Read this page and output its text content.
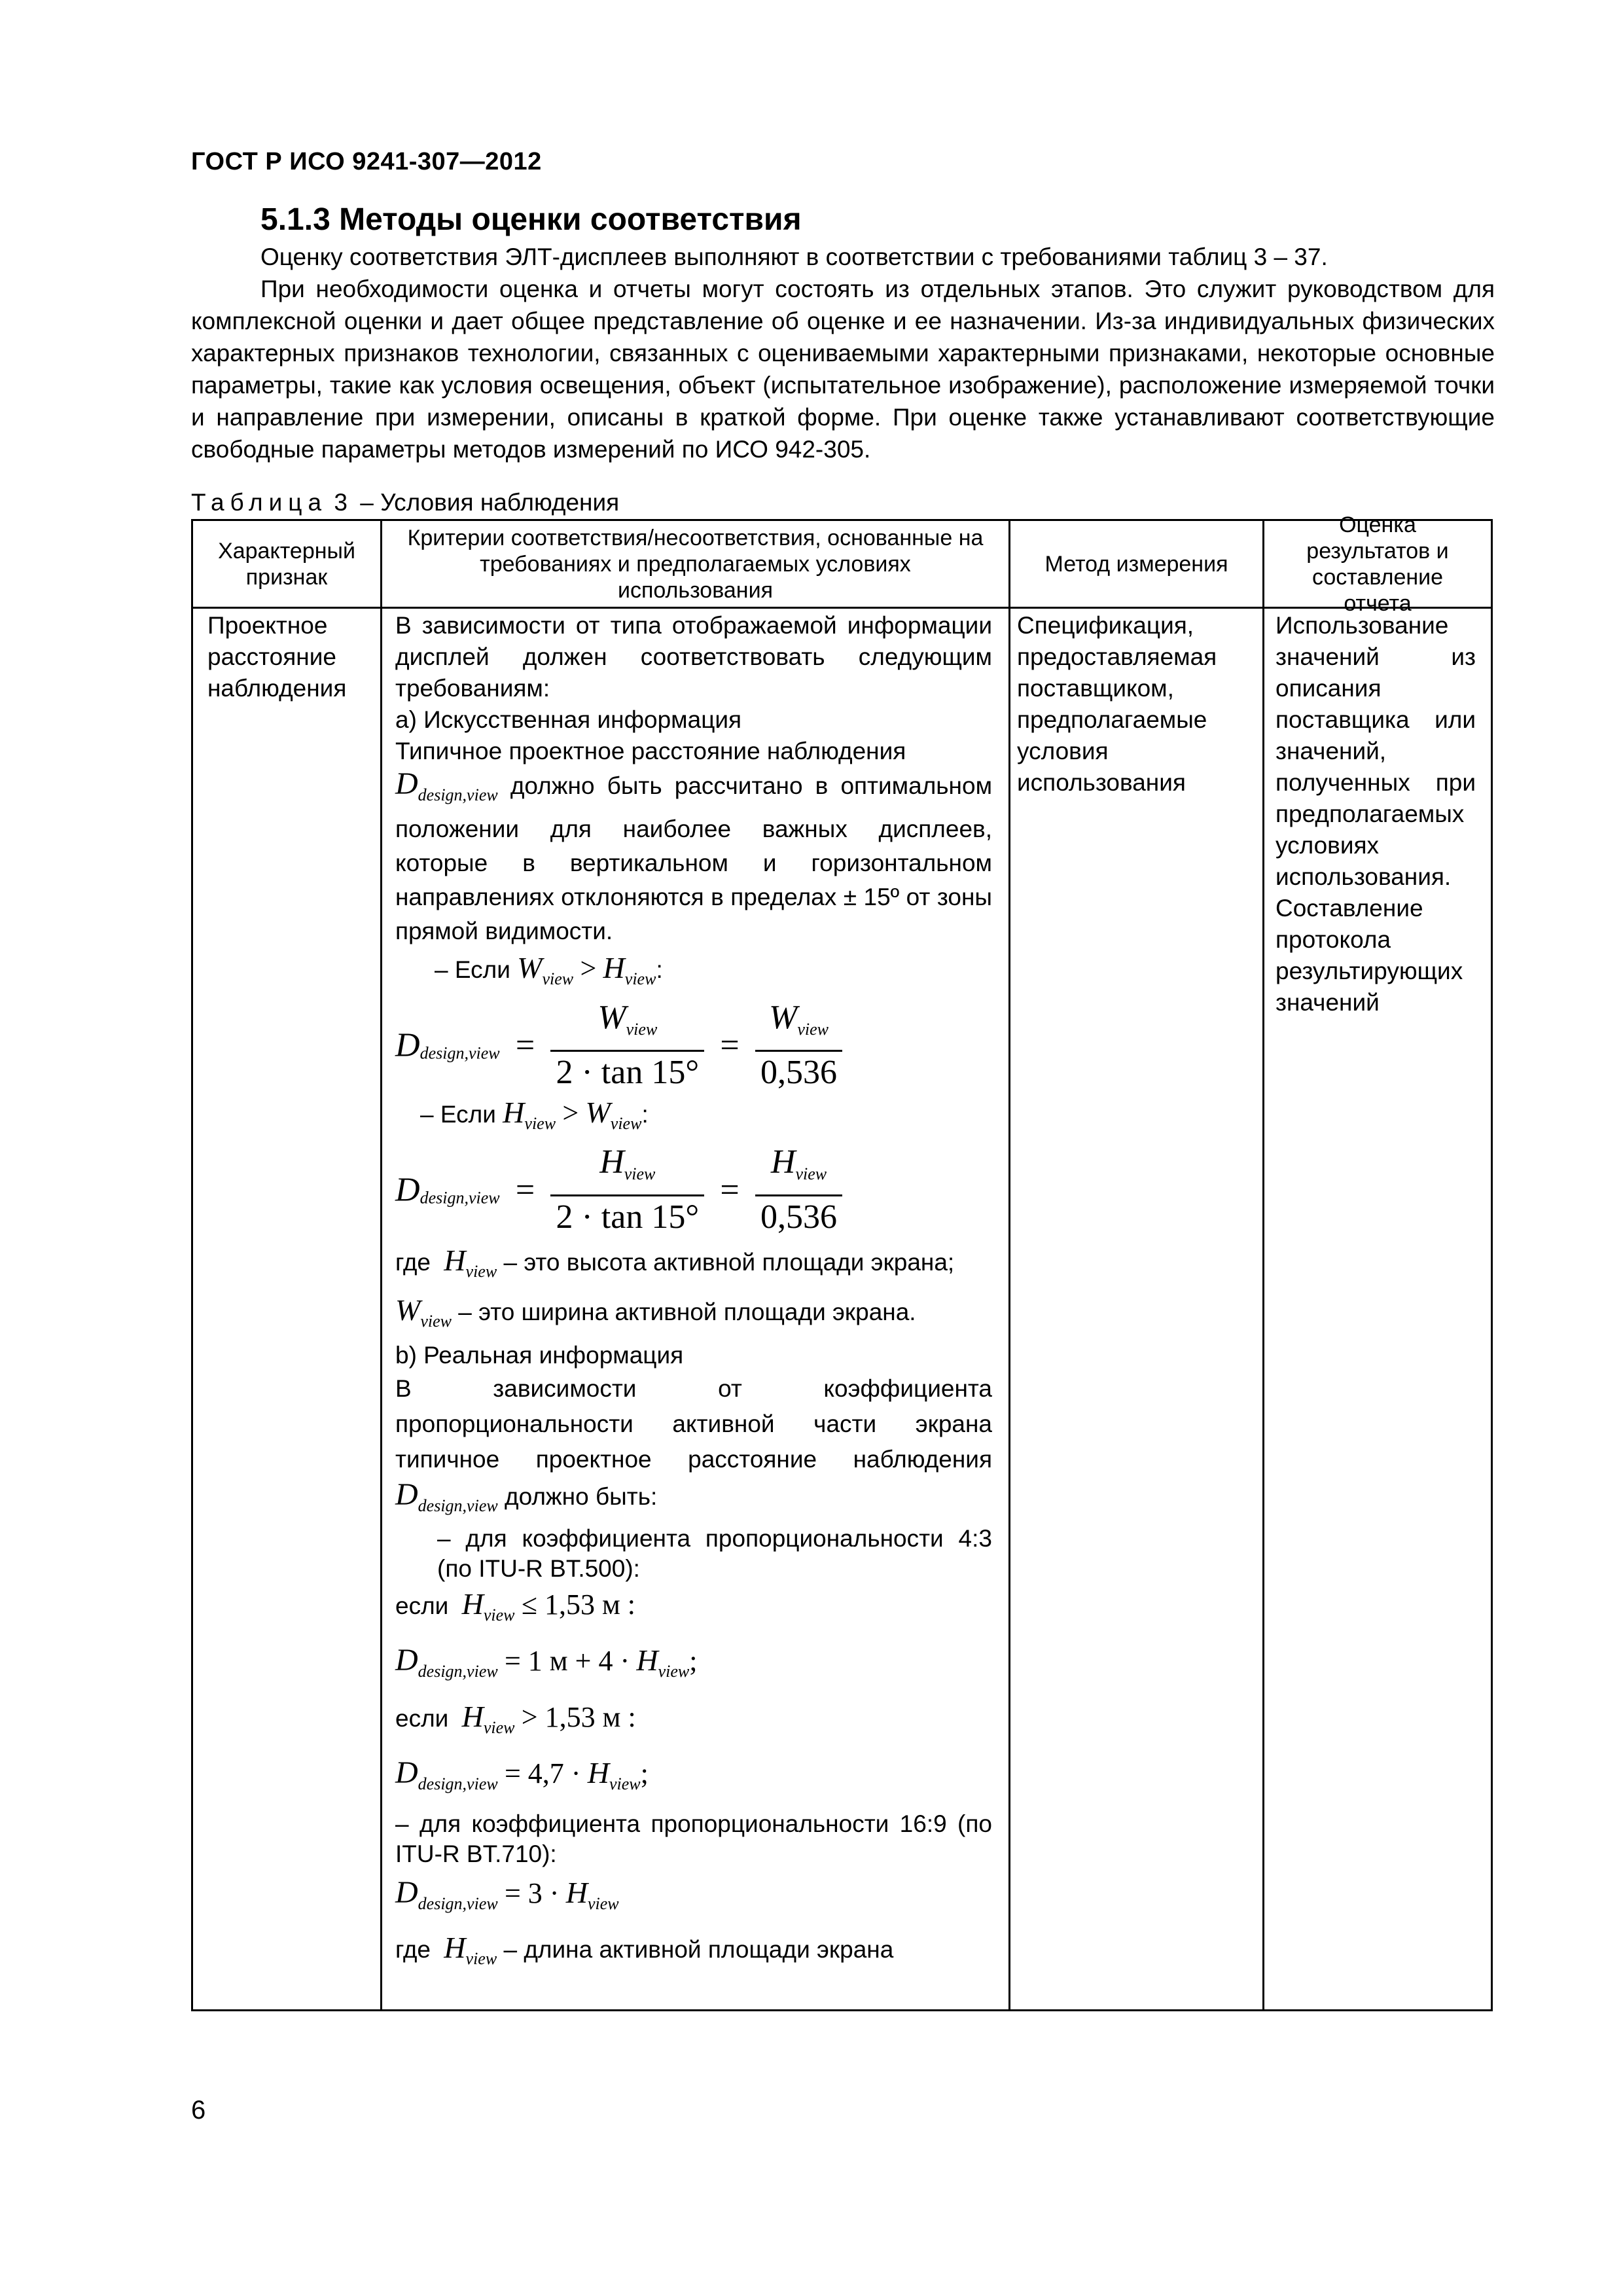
ГОСТ Р ИСО 9241-307—2012
5.1.3 Методы оценки соответствия
Оценку соответствия ЭЛТ-дисплеев выполняют в соответствии с требованиями таблиц 3 – 37.
При необходимости оценка и отчеты могут состоять из отдельных этапов. Это служит руководством для комплексной оценки и дает общее представление об оценке и ее назначении. Из-за индивидуальных физических характерных признаков технологии, связанных с оцениваемыми характерными признаками, некоторые основные параметры, такие как условия освещения, объект (испытательное изображение), расположение измеряемой точки и направление при измерении, описаны в краткой форме. При оценке также устанавливают соответствующие свободные параметры методов измерений по ИСО 942-305.
Таблица 3 – Условия наблюдения
Характерный признак
Критерии соответствия/несоответствия, основанные на требованиях и предполагаемых условиях использования
Метод измерения
Оценка результатов и составление отчета
Проектное расстояние наблюдения
Спецификация, предоставляемая поставщиком, предполагаемые условия использования
Использование значений из описания поставщика или значений, полученных при предполагаемых условиях использования. Составление протокола результирующих значений
В зависимости от типа отображаемой информации дисплей должен соответствовать следующим требованиям:
a) Искусственная информация
Типичное проектное расстояние наблюдения
$D_{design,view}$ должно быть рассчитано в оптимальном положении для наиболее важных дисплеев, которые в вертикальном и горизонтальном направлениях отклоняются в пределах ± 15º от зоны прямой видимости.
– Если $W_{view} > H_{view}$:
$D_{design,view} = \frac{W_{view}}{2 \cdot \tan 15^\circ} = \frac{W_{view}}{0,536}$
– Если $H_{view} > W_{view}$:
$D_{design,view} = \frac{H_{view}}{2 \cdot \tan 15^\circ} = \frac{H_{view}}{0,536}$
где $H_{view}$ – это высота активной площади экрана;
$W_{view}$ – это ширина активной площади экрана.
b) Реальная информация
В зависимости от коэффициента пропорциональности активной части экрана типичное проектное расстояние наблюдения $D_{design,view}$ должно быть:
– для коэффициента пропорциональности 4:3 (по ITU-R BT.500):
если $H_{view} \le 1,53$ м :
$D_{design,view} = 1$ $м + 4 \cdot H_{view}$;
если $H_{view} > 1,53$ м :
$D_{design,view} = 4,7 \cdot H_{view}$;
– для коэффициента пропорциональности 16:9 (по ITU-R BT.710):
$D_{design,view} = 3 \cdot H_{view}$
где $H_{view}$ – длина активной площади экрана
6
